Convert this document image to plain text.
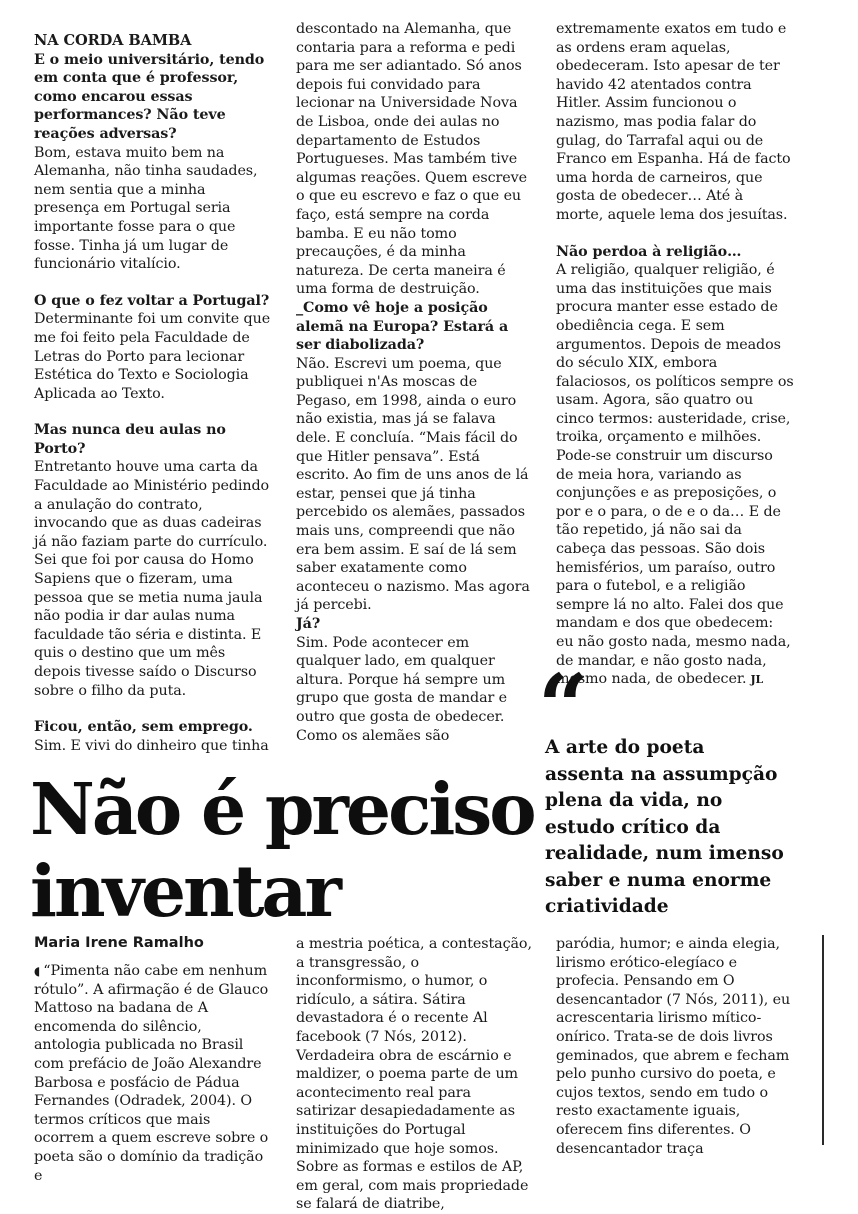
NA CORDA BAMBA

E o meio universitário, tendo em conta que é professor, como encarou essas performances? Não teve reações adversas?

Bom, estava muito bem na Alemanha, não tinha saudades, nem sentia que a minha presença em Portugal seria importante fosse para o que fosse. Tinha já um lugar de funcionário vitalício.

O que o fez voltar a Portugal?

Determinante foi um convite que me foi feito pela Faculdade de Letras do Porto para lecionar Estética do Texto e Sociologia Aplicada ao Texto.

Mas nunca deu aulas no Porto?

Entretanto houve uma carta da Faculdade ao Ministério pedindo a anulação do contrato, invocando que as duas cadeiras já não faziam parte do currículo. Sei que foi por causa do Homo Sapiens que o fizeram, uma pessoa que se metia numa jaula não podia ir dar aulas numa faculdade tão séria e distinta. E quis o destino que um mês depois tivesse saído o Discurso sobre o filho da puta.

Ficou, então, sem emprego.

Sim. E vivi do dinheiro que tinha

descontado na Alemanha, que contaria para a reforma e pedi para me ser adiantado. Só anos depois fui convidado para lecionar na Universidade Nova de Lisboa, onde dei aulas no departamento de Estudos Portugueses. Mas também tive algumas reações. Quem escreve o que eu escrevo e faz o que eu faço, está sempre na corda bamba. E eu não tomo precauções, é da minha natureza. De certa maneira é uma forma de destruição.

_Como vê hoje a posição alemã na Europa? Estará a ser diabolizada?

Não. Escrevi um poema, que publiquei n'As moscas de Pegaso, em 1998, ainda o euro não existia, mas já se falava dele. E concluía. “Mais fácil do que Hitler pensava”. Está escrito. Ao fim de uns anos de lá estar, pensei que já tinha percebido os alemães, passados mais uns, compreendi que não era bem assim. E saí de lá sem saber exatamente como aconteceu o nazismo. Mas agora já percebi.

Já?

Sim. Pode acontecer em qualquer lado, em qualquer altura. Porque há sempre um grupo que gosta de mandar e outro que gosta de obedecer. Como os alemães são

extremamente exatos em tudo e as ordens eram aquelas, obedeceram. Isto apesar de ter havido 42 atentados contra Hitler. Assim funcionou o nazismo, mas podia falar do gulag, do Tarrafal aqui ou de Franco em Espanha. Há de facto uma horda de carneiros, que gosta de obedecer… Até à morte, aquele lema dos jesuítas.

Não perdoa à religião…

A religião, qualquer religião, é uma das instituições que mais procura manter esse estado de obediência cega. E sem argumentos. Depois de meados do século XIX, embora falaciosos, os políticos sempre os usam. Agora, são quatro ou cinco termos: austeridade, crise, troika, orçamento e milhões. Pode-se construir um discurso de meia hora, variando as conjunções e as preposições, o por e o para, o de e o da… E de tão repetido, já não sai da cabeça das pessoas. São dois hemisférios, um paraíso, outro para o futebol, e a religião sempre lá no alto. Falei dos que mandam e dos que obedecem: eu não gosto nada, mesmo nada, de mandar, e não gosto nada, mesmo nada, de obedecer. JL
“
A arte do poeta assenta na assumpção plena da vida, no estudo crítico da realidade, num imenso saber e numa enorme criatividade
Não é preciso
inventar
Maria Irene Ramalho

◖ “Pimenta não cabe em nenhum rótulo”. A afirmação é de Glauco Mattoso na badana de A encomenda do silêncio, antologia publicada no Brasil com prefácio de João Alexandre Barbosa e posfácio de Pádua Fernandes (Odradek, 2004). O termos críticos que mais ocorrem a quem escreve sobre o poeta são o domínio da tradição e

a mestria poética, a contestação, a transgressão, o inconformismo, o humor, o ridículo, a sátira. Sátira devastadora é o recente Al facebook (7 Nós, 2012). Verdadeira obra de escárnio e maldizer, o poema parte de um acontecimento real para satirizar desapiedadamente as instituições do Portugal minimizado que hoje somos. Sobre as formas e estilos de AP, em geral, com mais propriedade se falará de diatribe,

paródia, humor; e ainda elegia, lirismo erótico-elegíaco e profecia. Pensando em O desencantador (7 Nós, 2011), eu acrescentaria lirismo mítico-onírico. Trata-se de dois livros geminados, que abrem e fecham pelo punho cursivo do poeta, e cujos textos, sendo em tudo o resto exactamente iguais, oferecem fins diferentes. O desencantador traça
